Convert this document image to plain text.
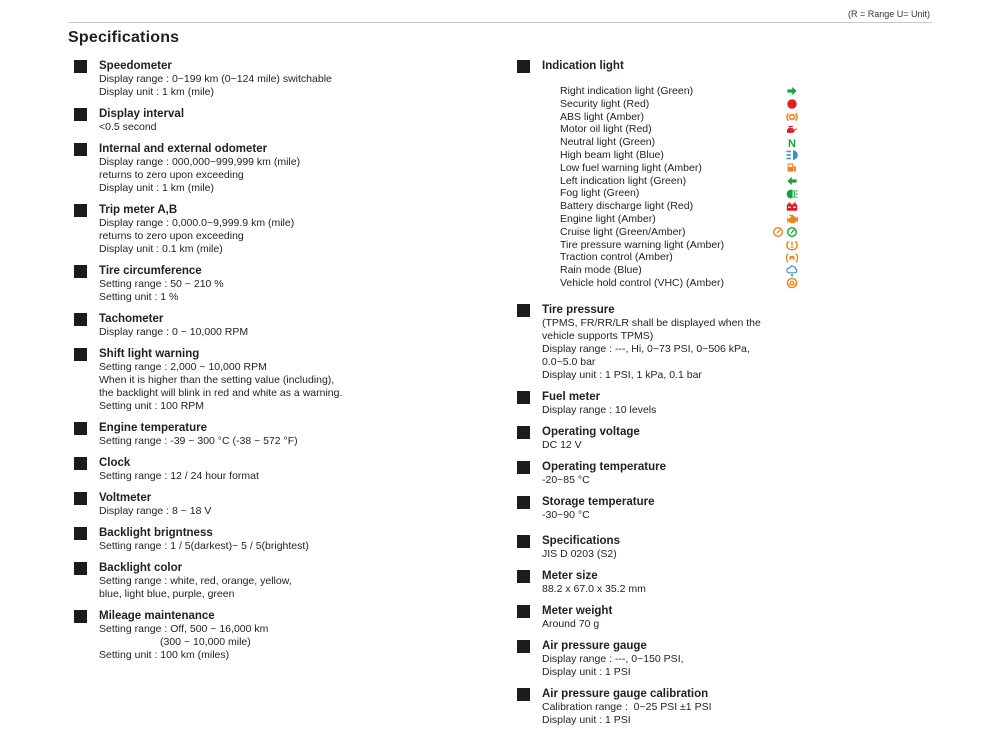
(R = Range U= Unit)
Specifications
Speedometer
Display range : 0~199 km (0~124 mile) switchable
Display unit : 1 km (mile)
Display interval
<0.5 second
Internal and external odometer
Display range : 000,000~999,999 km (mile)
returns to zero upon exceeding
Display unit : 1 km (mile)
Trip meter A,B
Display range : 0,000.0~9,999.9 km (mile)
returns to zero upon exceeding
Display unit : 0.1 km (mile)
Tire circumference
Setting range : 50 ~ 210 %
Setting unit : 1 %
Tachometer
Display range : 0 ~ 10,000 RPM
Shift light warning
Setting range : 2,000 ~ 10,000 RPM
When it is higher than the setting value (including),
the backlight will blink in red and white as a warning.
Setting unit : 100 RPM
Engine temperature
Setting range : -39 ~ 300 °C (-38 ~ 572 °F)
Clock
Setting range : 12 / 24 hour format
Voltmeter
Display range : 8 ~ 18 V
Backlight brigntness
Setting range : 1 / 5(darkest)~ 5 / 5(brightest)
Backlight color
Setting range : white, red, orange, yellow,
blue, light blue, purple, green
Mileage maintenance
Setting range : Off, 500 ~ 16,000 km
(300 ~ 10,000 mile)
Setting unit : 100 km (miles)
Indication light
Right indication light (Green)
Security light (Red)
ABS light (Amber)
Motor oil light (Red)
Neutral light (Green)	N
High beam light (Blue)
Low fuel warning light (Amber)
Left indication light (Green)
Fog light (Green)
Battery discharge light (Red)
Engine light (Amber)
Cruise light (Green/Amber)
Tire pressure warning light (Amber)
Traction control (Amber)
Rain mode (Blue)
Vehicle hold control (VHC) (Amber)
Tire pressure
(TPMS, FR/RR/LR shall be displayed when the
vehicle supports TPMS)
Display range : ---, Hi, 0~73 PSI, 0~506 kPa,
0.0~5.0 bar
Display unit : 1 PSI, 1 kPa, 0.1 bar
Fuel meter
Display range : 10 levels
Operating voltage
DC 12 V
Operating temperature
-20~85 °C
Storage temperature
-30~90 °C
Specifications
JIS D 0203 (S2)
Meter size
88.2 x 67.0 x 35.2 mm
Meter weight
Around 70 g
Air pressure gauge
Display range : ---, 0~150 PSI,
Display unit : 1 PSI
Air pressure gauge calibration
Calibration range :  0~25 PSI ±1 PSI
Display unit : 1 PSI
